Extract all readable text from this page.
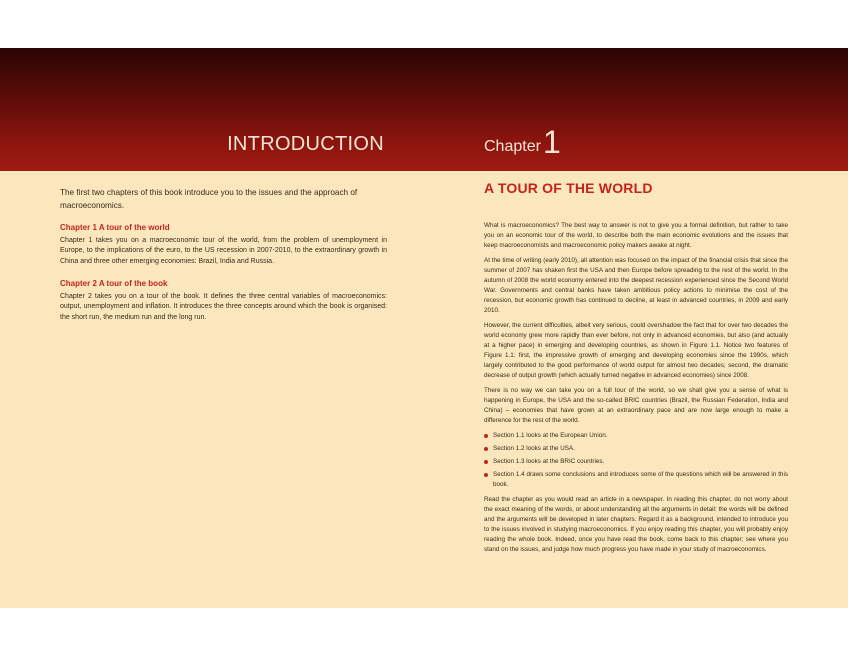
INTRODUCTION	Chapter 1

The first two chapters of this book introduce you to the issues and the approach of macroeconomics.

Chapter 1 A tour of the world

Chapter 1 takes you on a macroeconomic tour of the world, from the problem of unemployment in Europe, to the implications of the euro, to the US recession in 2007-2010, to the extraordinary growth in China and three other emerging economies: Brazil, India and Russia.

Chapter 2 A tour of the book

Chapter 2 takes you on a tour of the book. It defines the three central variables of macroeconomics: output, unemployment and inflation. It introduces the three concepts around which the book is organised: the short run, the medium run and the long run.

A TOUR OF THE WORLD

What is macroeconomics? The best way to answer is not to give you a formal definition, but rather to take you on an economic tour of the world, to describe both the main economic evolutions and the issues that keep macroeconomists and macroeconomic policy makers awake at night.

At the time of writing (early 2010), all attention was focused on the impact of the financial crisis that since the summer of 2007 has shaken first the USA and then Europe before spreading to the rest of the world. In the autumn of 2008 the world economy entered into the deepest recession experienced since the Second World War. Governments and central banks have taken ambitious policy actions to minimise the cost of the recession, but economic growth has continued to decline, at least in advanced countries, in 2009 and early 2010.

However, the current difficulties, albeit very serious, could overshadow the fact that for over two decades the world economy grew more rapidly than ever before, not only in advanced economies, but also (and actually at a higher pace) in emerging and developing countries, as shown in Figure 1.1. Notice two features of Figure 1.1: first, the impressive growth of emerging and developing economies since the 1990s, which largely contributed to the good performance of world output for almost two decades; second, the dramatic decrease of output growth (which actually turned negative in advanced economies) since 2008.

There is no way we can take you on a full tour of the world, so we shall give you a sense of what is happening in Europe, the USA and the so-called BRIC countries (Brazil, the Russian Federation, India and China) – economies that have grown at an extraordinary pace and are now large enough to make a difference for the rest of the world.

Section 1.1 looks at the European Union.
Section 1.2 looks at the USA.
Section 1.3 looks at the BRIC countries.
Section 1.4 draws some conclusions and introduces some of the questions which will be answered in this book.

Read the chapter as you would read an article in a newspaper. In reading this chapter, do not worry about the exact meaning of the words, or about understanding all the arguments in detail: the words will be defined and the arguments will be developed in later chapters. Regard it as a background, intended to introduce you to the issues involved in studying macroeconomics. If you enjoy reading this chapter, you will probably enjoy reading the whole book. Indeed, once you have read the book, come back to this chapter; see where you stand on the issues, and judge how much progress you have made in your study of macroeconomics.
